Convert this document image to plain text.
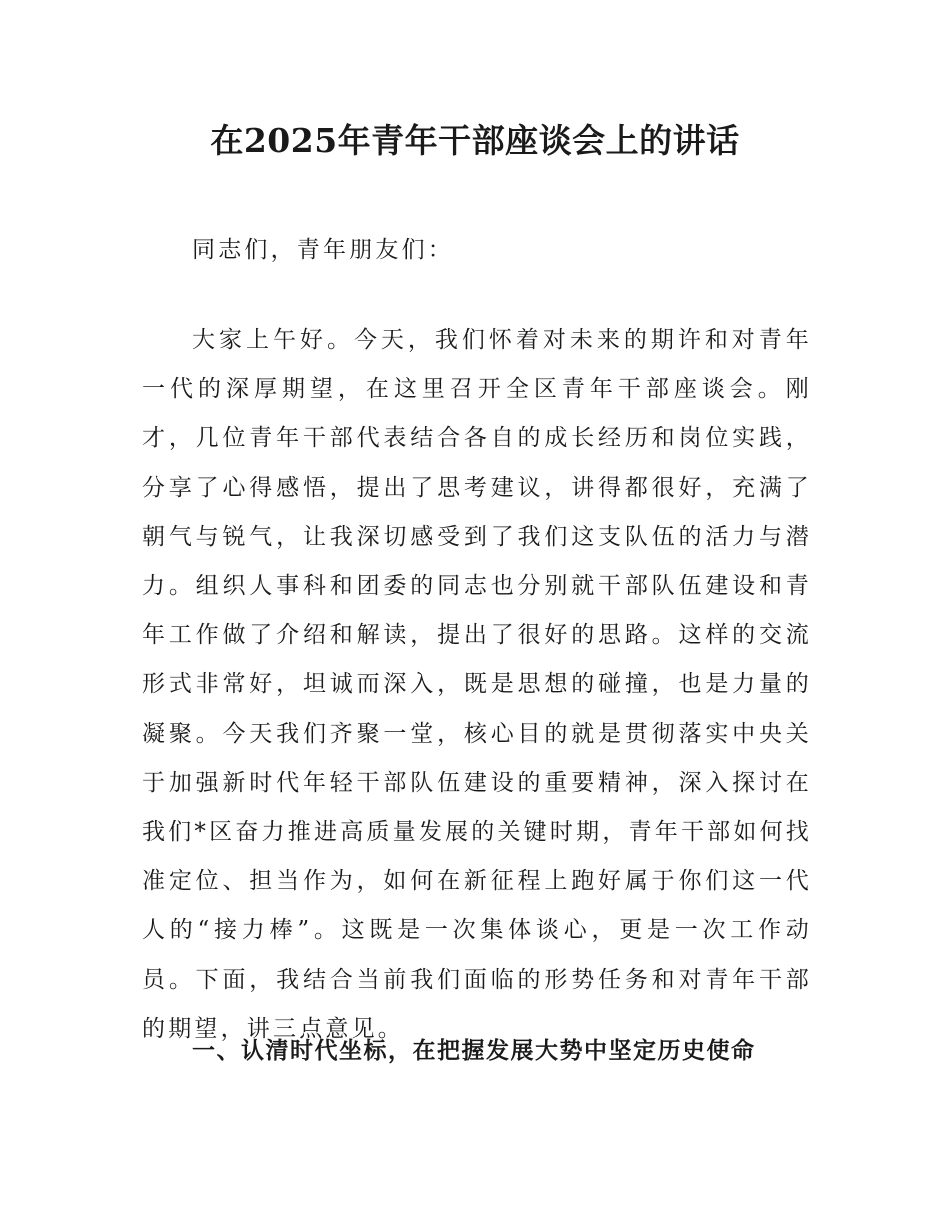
在2025年青年干部座谈会上的讲话

同志们，青年朋友们：

大家上午好。今天，我们怀着对未来的期许和对青年一代的深厚期望，在这里召开全区青年干部座谈会。刚才，几位青年干部代表结合各自的成长经历和岗位实践，分享了心得感悟，提出了思考建议，讲得都很好，充满了朝气与锐气，让我深切感受到了我们这支队伍的活力与潜力。组织人事科和团委的同志也分别就干部队伍建设和青年工作做了介绍和解读，提出了很好的思路。这样的交流形式非常好，坦诚而深入，既是思想的碰撞，也是力量的凝聚。今天我们齐聚一堂，核心目的就是贯彻落实中央关于加强新时代年轻干部队伍建设的重要精神，深入探讨在我们*区奋力推进高质量发展的关键时期，青年干部如何找准定位、担当作为，如何在新征程上跑好属于你们这一代人的“接力棒”。这既是一次集体谈心，更是一次工作动员。下面，我结合当前我们面临的形势任务和对青年干部的期望，讲三点意见。

一、认清时代坐标，在把握发展大势中坚定历史使命
